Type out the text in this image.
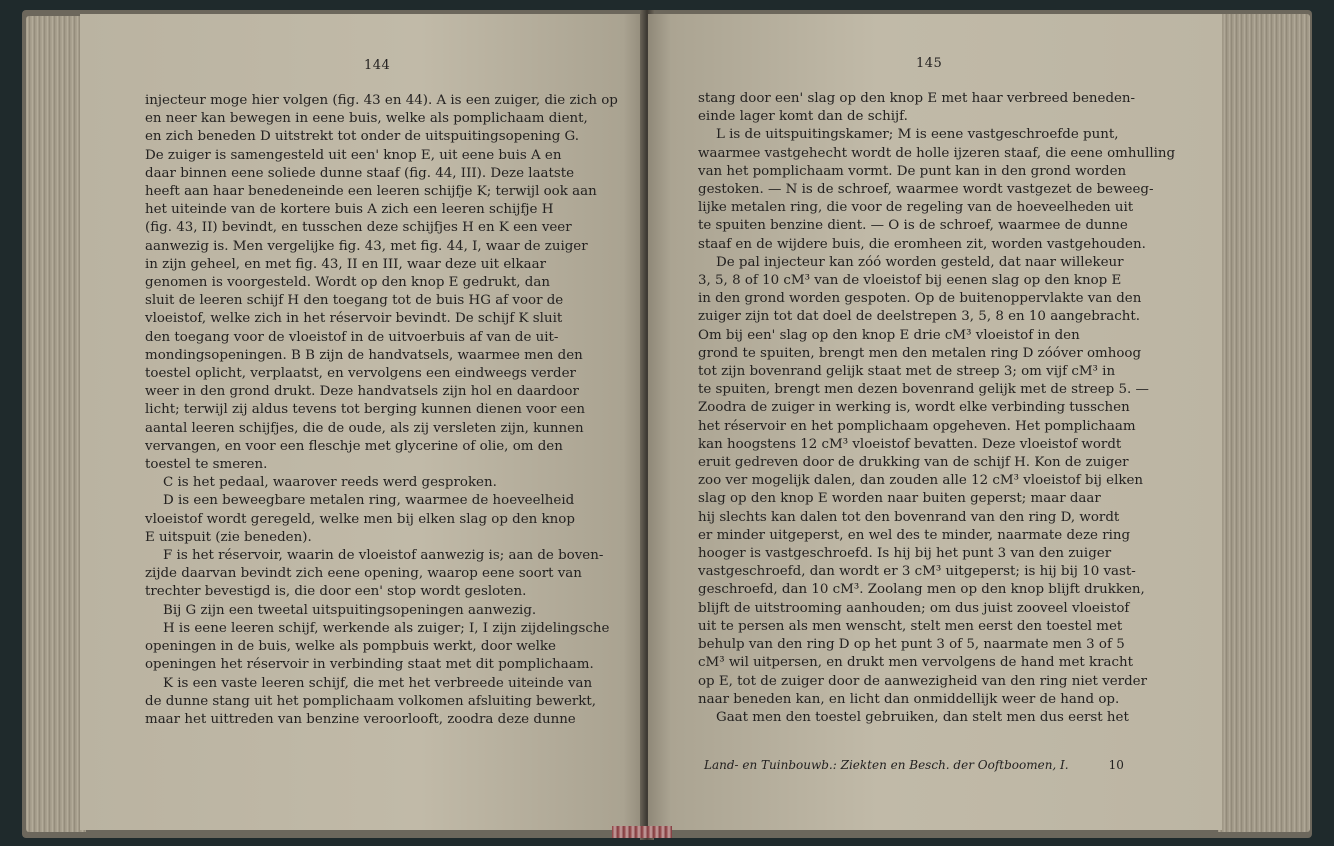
144
injecteur moge hier volgen (fig. 43 en 44). A is een zuiger, die zich op
en neer kan bewegen in eene buis, welke als pomplichaam dient,
en zich beneden D uitstrekt tot onder de uitspuitingsopening G.
De zuiger is samengesteld uit een' knop E, uit eene buis A en
daar binnen eene soliede dunne staaf (fig. 44, III). Deze laatste
heeft aan haar benedeneinde een leeren schijfje K; terwijl ook aan
het uiteinde van de kortere buis A zich een leeren schijfje H
(fig. 43, II) bevindt, en tusschen deze schijfjes H en K een veer
aanwezig is. Men vergelijke fig. 43, met fig. 44, I, waar de zuiger
in zijn geheel, en met fig. 43, II en III, waar deze uit elkaar
genomen is voorgesteld. Wordt op den knop E gedrukt, dan
sluit de leeren schijf H den toegang tot de buis HG af voor de
vloeistof, welke zich in het réservoir bevindt. De schijf K sluit
den toegang voor de vloeistof in de uitvoerbuis af van de uit-
mondingsopeningen. B B zijn de handvatsels, waarmee men den
toestel oplicht, verplaatst, en vervolgens een eindweegs verder
weer in den grond drukt. Deze handvatsels zijn hol en daardoor
licht; terwijl zij aldus tevens tot berging kunnen dienen voor een
aantal leeren schijfjes, die de oude, als zij versleten zijn, kunnen
vervangen, en voor een fleschje met glycerine of olie, om den
toestel te smeren.
C is het pedaal, waarover reeds werd gesproken.
D is een beweegbare metalen ring, waarmee de hoeveelheid
vloeistof wordt geregeld, welke men bij elken slag op den knop
E uitspuit (zie beneden).
F is het réservoir, waarin de vloeistof aanwezig is; aan de boven-
zijde daarvan bevindt zich eene opening, waarop eene soort van
trechter bevestigd is, die door een' stop wordt gesloten.
Bij G zijn een tweetal uitspuitingsopeningen aanwezig.
H is eene leeren schijf, werkende als zuiger; I, I zijn zijdelingsche
openingen in de buis, welke als pompbuis werkt, door welke
openingen het réservoir in verbinding staat met dit pomplichaam.
K is een vaste leeren schijf, die met het verbreede uiteinde van
de dunne stang uit het pomplichaam volkomen afsluiting bewerkt,
maar het uittreden van benzine veroorlooft, zoodra deze dunne
145
stang door een' slag op den knop E met haar verbreed beneden-
einde lager komt dan de schijf.
L is de uitspuitingskamer; M is eene vastgeschroefde punt,
waarmee vastgehecht wordt de holle ijzeren staaf, die eene omhulling
van het pomplichaam vormt. De punt kan in den grond worden
gestoken. — N is de schroef, waarmee wordt vastgezet de beweeg-
lijke metalen ring, die voor de regeling van de hoeveelheden uit
te spuiten benzine dient. — O is de schroef, waarmee de dunne
staaf en de wijdere buis, die eromheen zit, worden vastgehouden.
De pal injecteur kan zóó worden gesteld, dat naar willekeur
3, 5, 8 of 10 cM³ van de vloeistof bij eenen slag op den knop E
in den grond worden gespoten. Op de buitenoppervlakte van den
zuiger zijn tot dat doel de deelstrepen 3, 5, 8 en 10 aangebracht.
Om bij een' slag op den knop E drie cM³ vloeistof in den
grond te spuiten, brengt men den metalen ring D zóóver omhoog
tot zijn bovenrand gelijk staat met de streep 3; om vijf cM³ in
te spuiten, brengt men dezen bovenrand gelijk met de streep 5. —
Zoodra de zuiger in werking is, wordt elke verbinding tusschen
het réservoir en het pomplichaam opgeheven. Het pomplichaam
kan hoogstens 12 cM³ vloeistof bevatten. Deze vloeistof wordt
eruit gedreven door de drukking van de schijf H. Kon de zuiger
zoo ver mogelijk dalen, dan zouden alle 12 cM³ vloeistof bij elken
slag op den knop E worden naar buiten geperst; maar daar
hij slechts kan dalen tot den bovenrand van den ring D, wordt
er minder uitgeperst, en wel des te minder, naarmate deze ring
hooger is vastgeschroefd. Is hij bij het punt 3 van den zuiger
vastgeschroefd, dan wordt er 3 cM³ uitgeperst; is hij bij 10 vast-
geschroefd, dan 10 cM³. Zoolang men op den knop blijft drukken,
blijft de uitstrooming aanhouden; om dus juist zooveel vloeistof
uit te persen als men wenscht, stelt men eerst den toestel met
behulp van den ring D op het punt 3 of 5, naarmate men 3 of 5
cM³ wil uitpersen, en drukt men vervolgens de hand met kracht
op E, tot de zuiger door de aanwezigheid van den ring niet verder
naar beneden kan, en licht dan onmiddellijk weer de hand op.
Gaat men den toestel gebruiken, dan stelt men dus eerst het
Land- en Tuinbouwb.: Ziekten en Besch. der Ooftboomen, I.	10
